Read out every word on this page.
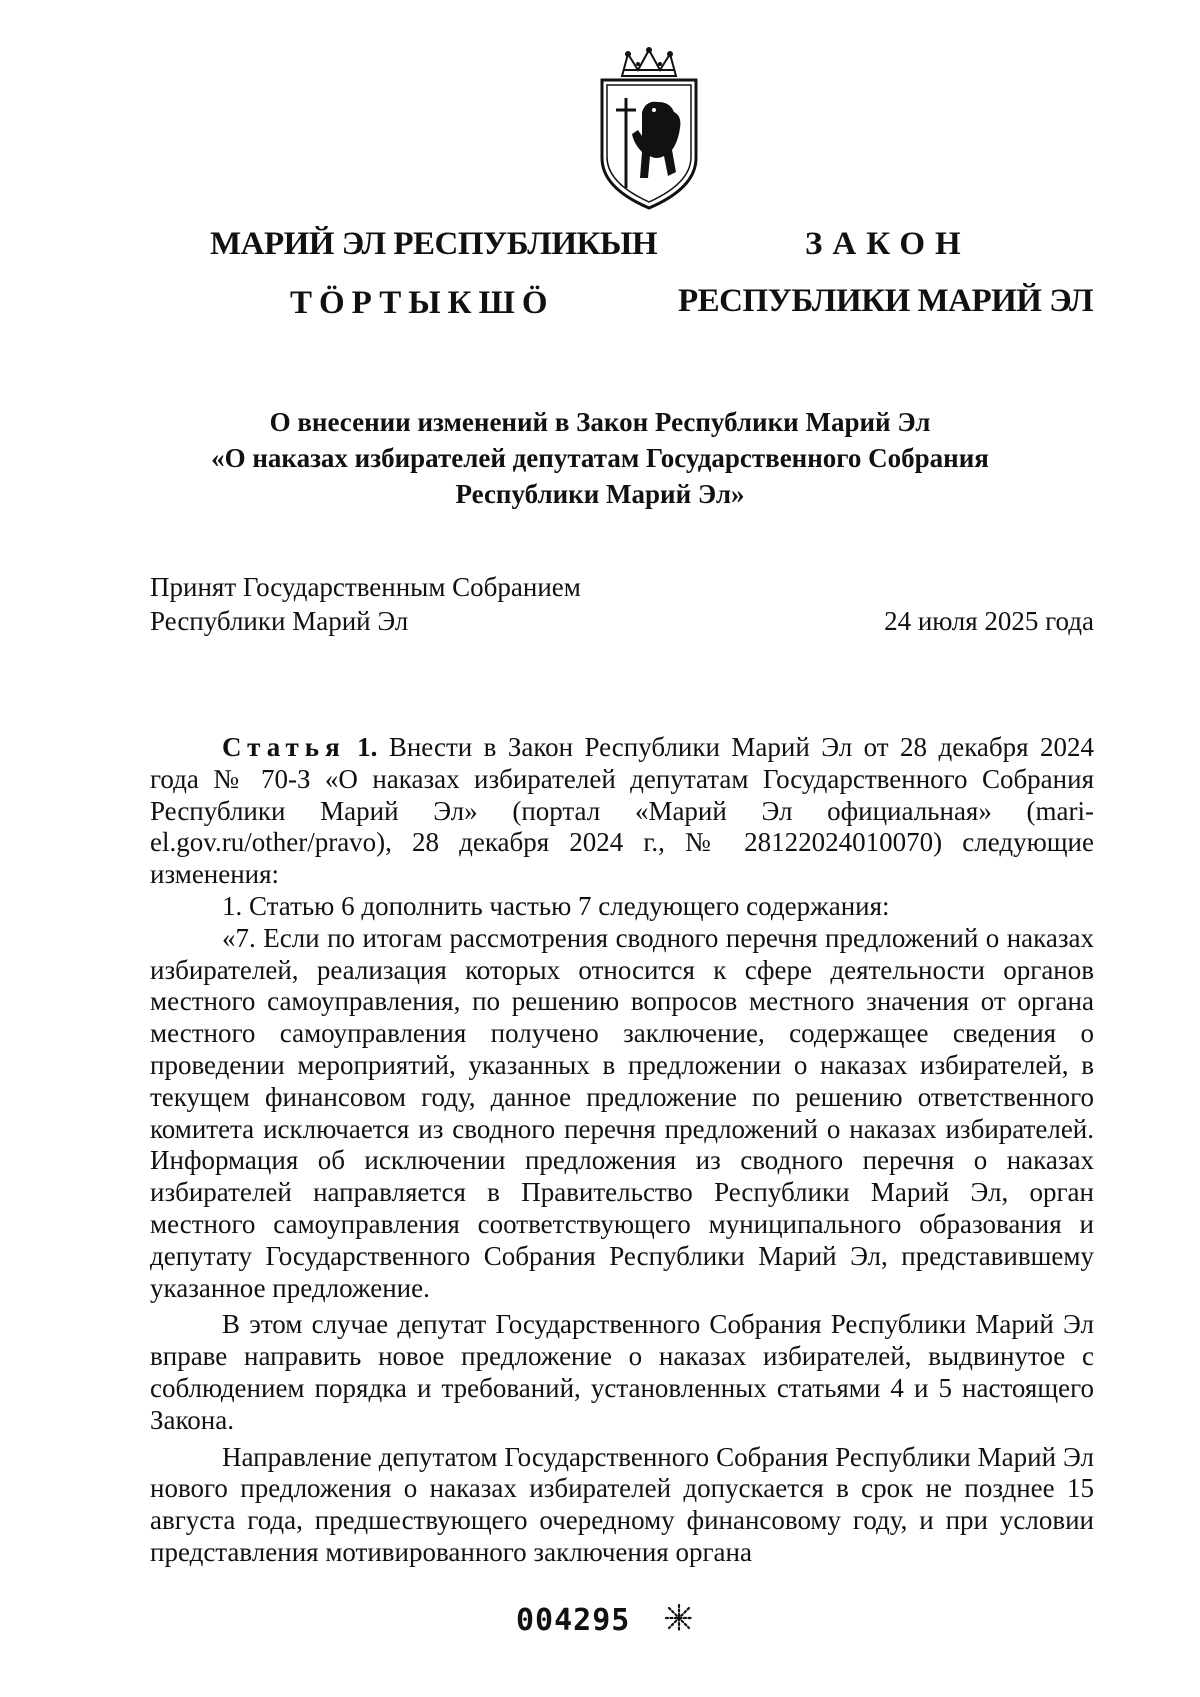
МАРИЙ ЭЛ РЕСПУБЛИКЫН
ТӦРТЫКШӦ
ЗАКОН
РЕСПУБЛИКИ МАРИЙ ЭЛ
О внесении изменений в Закон Республики Марий Эл
«О наказах избирателей депутатам Государственного Собрания
Республики Марий Эл»
Принят Государственным Собранием
Республики Марий Эл	24 июля 2025 года

Статья 1. Внести в Закон Республики Марий Эл от 28 декабря 2024 года № 70-З «О наказах избирателей депутатам Государственного Собрания Республики Марий Эл» (портал «Марий Эл официальная» (mari-el.gov.ru/other/pravo), 28 декабря 2024 г., № 28122024010070) следующие изменения:

1. Статью 6 дополнить частью 7 следующего содержания:

«7. Если по итогам рассмотрения сводного перечня предложений о наказах избирателей, реализация которых относится к сфере деятельности органов местного самоуправления, по решению вопросов местного значения от органа местного самоуправления получено заключение, содержащее сведения о проведении мероприятий, указанных в предложении о наказах избирателей, в текущем финансовом году, данное предложение по решению ответственного комитета исключается из сводного перечня предложений о наказах избирателей. Информация об исключении предложения из сводного перечня о наказах избирателей направляется в Правительство Республики Марий Эл, орган местного самоуправления соответствующего муниципального образования и депутату Государственного Собрания Республики Марий Эл, представившему указанное предложение.

В этом случае депутат Государственного Собрания Республики Марий Эл вправе направить новое предложение о наказах избирателей, выдвинутое с соблюдением порядка и требований, установленных статьями 4 и 5 настоящего Закона.

Направление депутатом Государственного Собрания Республики Марий Эл нового предложения о наказах избирателей допускается в срок не позднее 15 августа года, предшествующего очередному финансовому году, и при условии представления мотивированного заключения органа

004295
